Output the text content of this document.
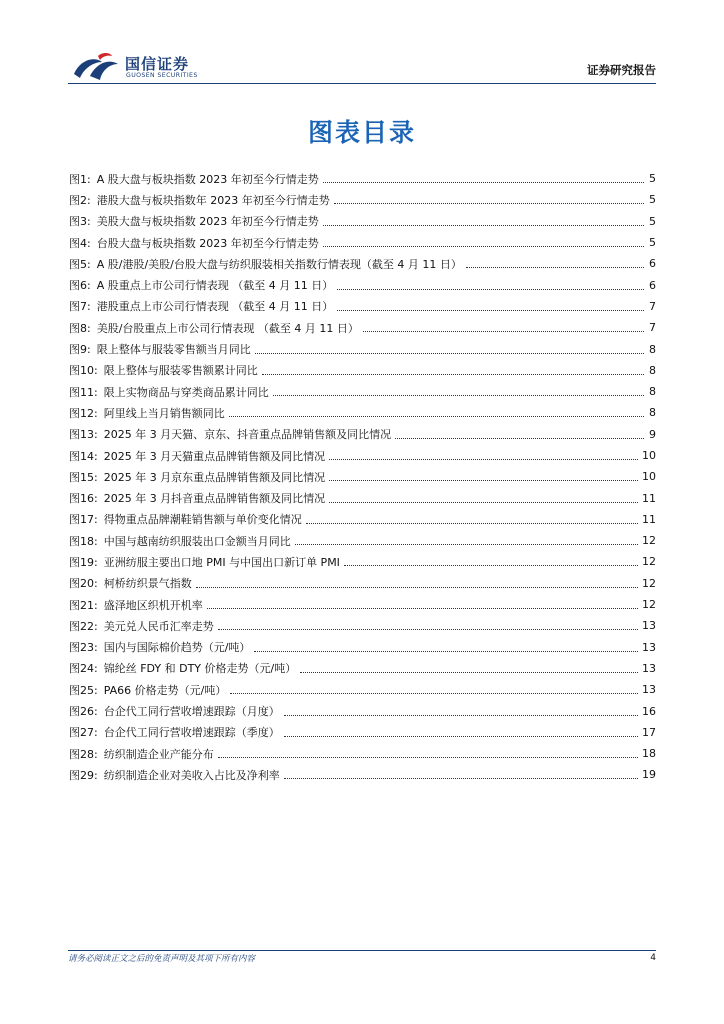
国信证券
GUOSEN SECURITIES	证券研究报告
图表目录
图1: A 股大盘与板块指数 2023 年初至今行情走势	5
图2: 港股大盘与板块指数年 2023 年初至今行情走势	5
图3: 美股大盘与板块指数 2023 年初至今行情走势	5
图4: 台股大盘与板块指数 2023 年初至今行情走势	5
图5: A 股/港股/美股/台股大盘与纺织服装相关指数行情表现（截至 4 月 11 日）	6
图6: A 股重点上市公司行情表现 （截至 4 月 11 日）	6
图7: 港股重点上市公司行情表现 （截至 4 月 11 日）	7
图8: 美股/台股重点上市公司行情表现 （截至 4 月 11 日）	7
图9: 限上整体与服装零售额当月同比	8
图10: 限上整体与服装零售额累计同比	8
图11: 限上实物商品与穿类商品累计同比	8
图12: 阿里线上当月销售额同比	8
图13: 2025 年 3 月天猫、京东、抖音重点品牌销售额及同比情况	9
图14: 2025 年 3 月天猫重点品牌销售额及同比情况	10
图15: 2025 年 3 月京东重点品牌销售额及同比情况	10
图16: 2025 年 3 月抖音重点品牌销售额及同比情况	11
图17: 得物重点品牌潮鞋销售额与单价变化情况	11
图18: 中国与越南纺织服装出口金额当月同比	12
图19: 亚洲纺服主要出口地 PMI 与中国出口新订单 PMI	12
图20: 柯桥纺织景气指数	12
图21: 盛泽地区织机开机率	12
图22: 美元兑人民币汇率走势	13
图23: 国内与国际棉价趋势（元/吨）	13
图24: 锦纶丝 FDY 和 DTY 价格走势（元/吨）	13
图25: PA66 价格走势（元/吨）	13
图26: 台企代工同行营收增速跟踪（月度）	16
图27: 台企代工同行营收增速跟踪（季度）	17
图28: 纺织制造企业产能分布	18
图29: 纺织制造企业对美收入占比及净利率	19
请务必阅读正文之后的免责声明及其项下所有内容	4
